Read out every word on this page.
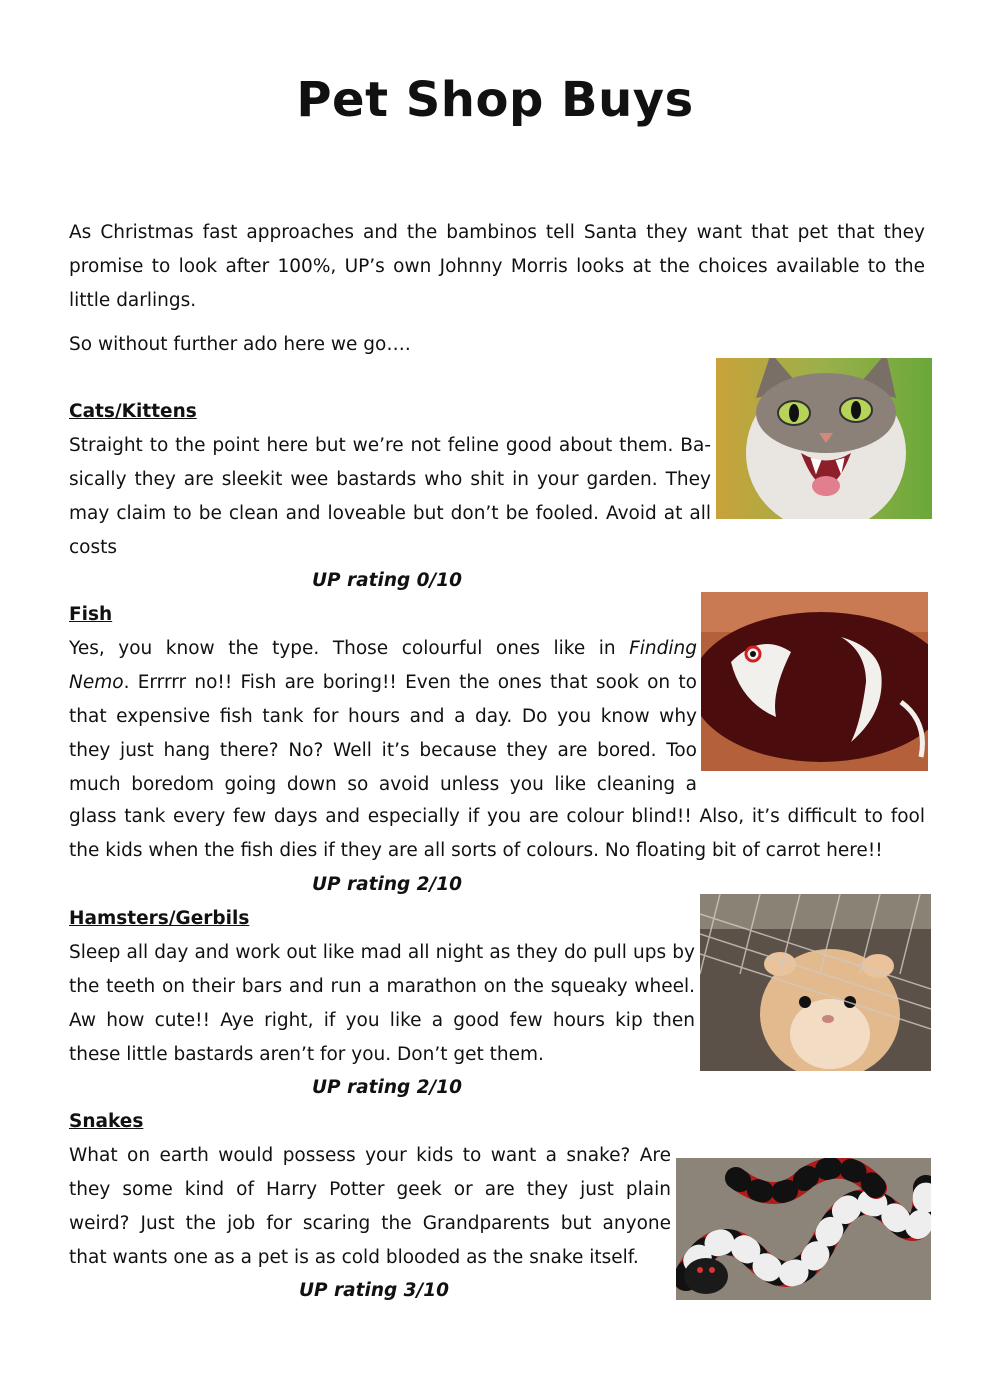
Pet Shop Buys
As Christmas fast approaches and the bambinos tell Santa they want that pet that they
promise to look after 100%, UP’s own Johnny Morris looks at the choices available to the
little darlings.
So without further ado here we go….
Cats/Kittens
Straight to the point here but we’re not feline good about them. Ba-
sically they are sleekit wee bastards who shit in your garden. They
may claim to be clean and loveable but don’t be fooled. Avoid at all
costs
UP rating 0/10
Fish
Yes, you know the type. Those colourful ones like in Finding
Nemo. Errrrr no!! Fish are boring!! Even the ones that sook on to
that expensive fish tank for hours and a day. Do you know why
they just hang there? No? Well it’s because they are bored. Too
much boredom going down so avoid unless you like cleaning a
glass tank every few days and especially if you are colour blind!! Also, it’s difficult to fool
the kids when the fish dies if they are all sorts of colours. No floating bit of carrot here!!
UP rating 2/10
Hamsters/Gerbils
Sleep all day and work out like mad all night as they do pull ups by
the teeth on their bars and run a marathon on the squeaky wheel.
Aw how cute!! Aye right, if you like a good few hours kip then
these little bastards aren’t for you. Don’t get them.
UP rating 2/10
Snakes
What on earth would possess your kids to want a snake? Are
they some kind of Harry Potter geek or are they just plain
weird? Just the job for scaring the Grandparents but anyone
that wants one as a pet is as cold blooded as the snake itself.
UP rating 3/10
